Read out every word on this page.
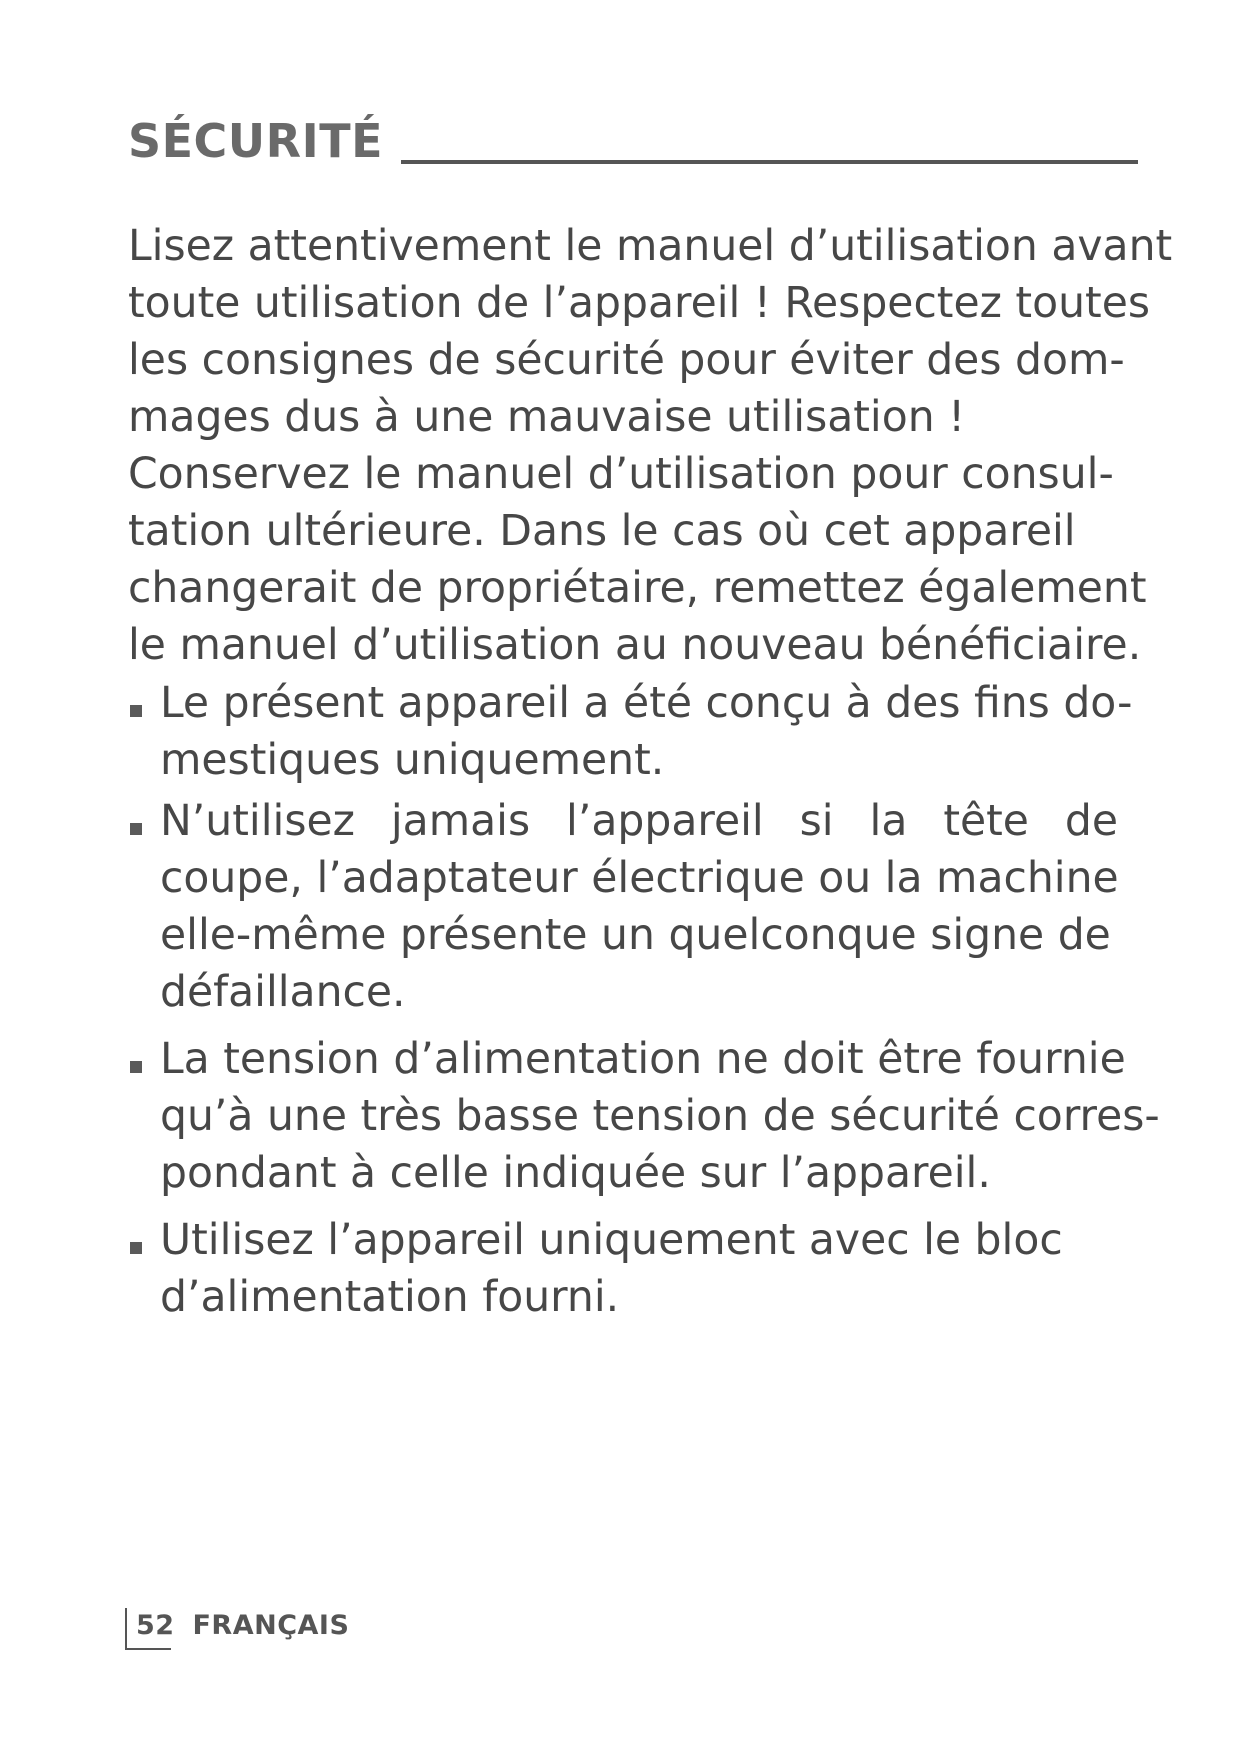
SÉCURITÉ

Lisez attentivement le manuel d’utilisation avant
toute utilisation de l’appareil ! Respectez toutes
les consignes de sécurité pour éviter des dom-
mages dus à une mauvaise utilisation !
Conservez le manuel d’utilisation pour consul-
tation ultérieure. Dans le cas où cet appareil
changerait de propriétaire, remettez également
le manuel d’utilisation au nouveau bénéficiaire.

Le présent appareil a été conçu à des fins do-
mestiques uniquement.
N’utilisez jamais l’appareil si la tête de
coupe, l’adaptateur électrique ou la machine
elle-même présente un quelconque signe de
défaillance.
La tension d’alimentation ne doit être fournie
qu’à une très basse tension de sécurité corres-
pondant à celle indiquée sur l’appareil.
Utilisez l’appareil uniquement avec le bloc
d’alimentation fourni.
52 FRANÇAIS
